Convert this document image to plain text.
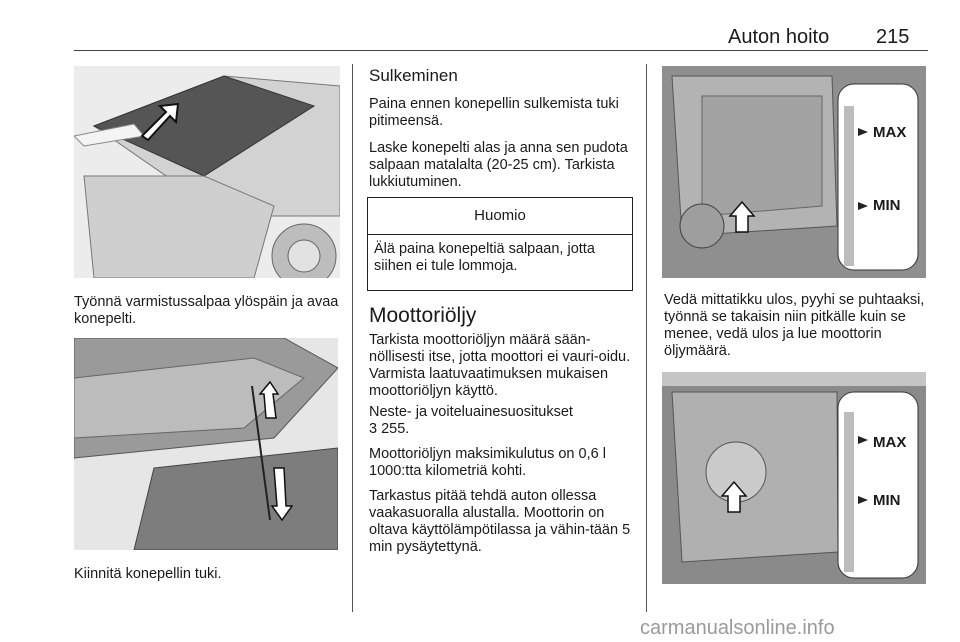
Auton hoito 215
Työnnä varmistussalpaa ylöspäin ja avaa konepelti.
Kiinnitä konepellin tuki.
Sulkeminen
Paina ennen konepellin sulkemista tuki pitimeensä.
Laske konepelti alas ja anna sen pudota salpaan matalalta (20-25 cm). Tarkista lukkiutuminen.
Huomio
Älä paina konepeltiä salpaan, jotta siihen ei tule lommoja.
Moottoriöljy
Tarkista moottoriöljyn määrä sään-nöllisesti itse, jotta moottori ei vauri-oidu. Varmista laatuvaatimuksen mukaisen moottoriöljyn käyttö.
Neste- ja voiteluainesuositukset
3 255.
Moottoriöljyn maksimikulutus on 0,6 l 1000:tta kilometriä kohti.
Tarkastus pitää tehdä auton ollessa vaakasuoralla alustalla. Moottorin on oltava käyttölämpötilassa ja vähin-tään 5 min pysäytettynä.
MAX
MIN
Vedä mittatikku ulos, pyyhi se puhtaaksi, työnnä se takaisin niin pitkälle kuin se menee, vedä ulos ja lue moottorin öljymäärä.
MAX
MIN
carmanualsonline.info
